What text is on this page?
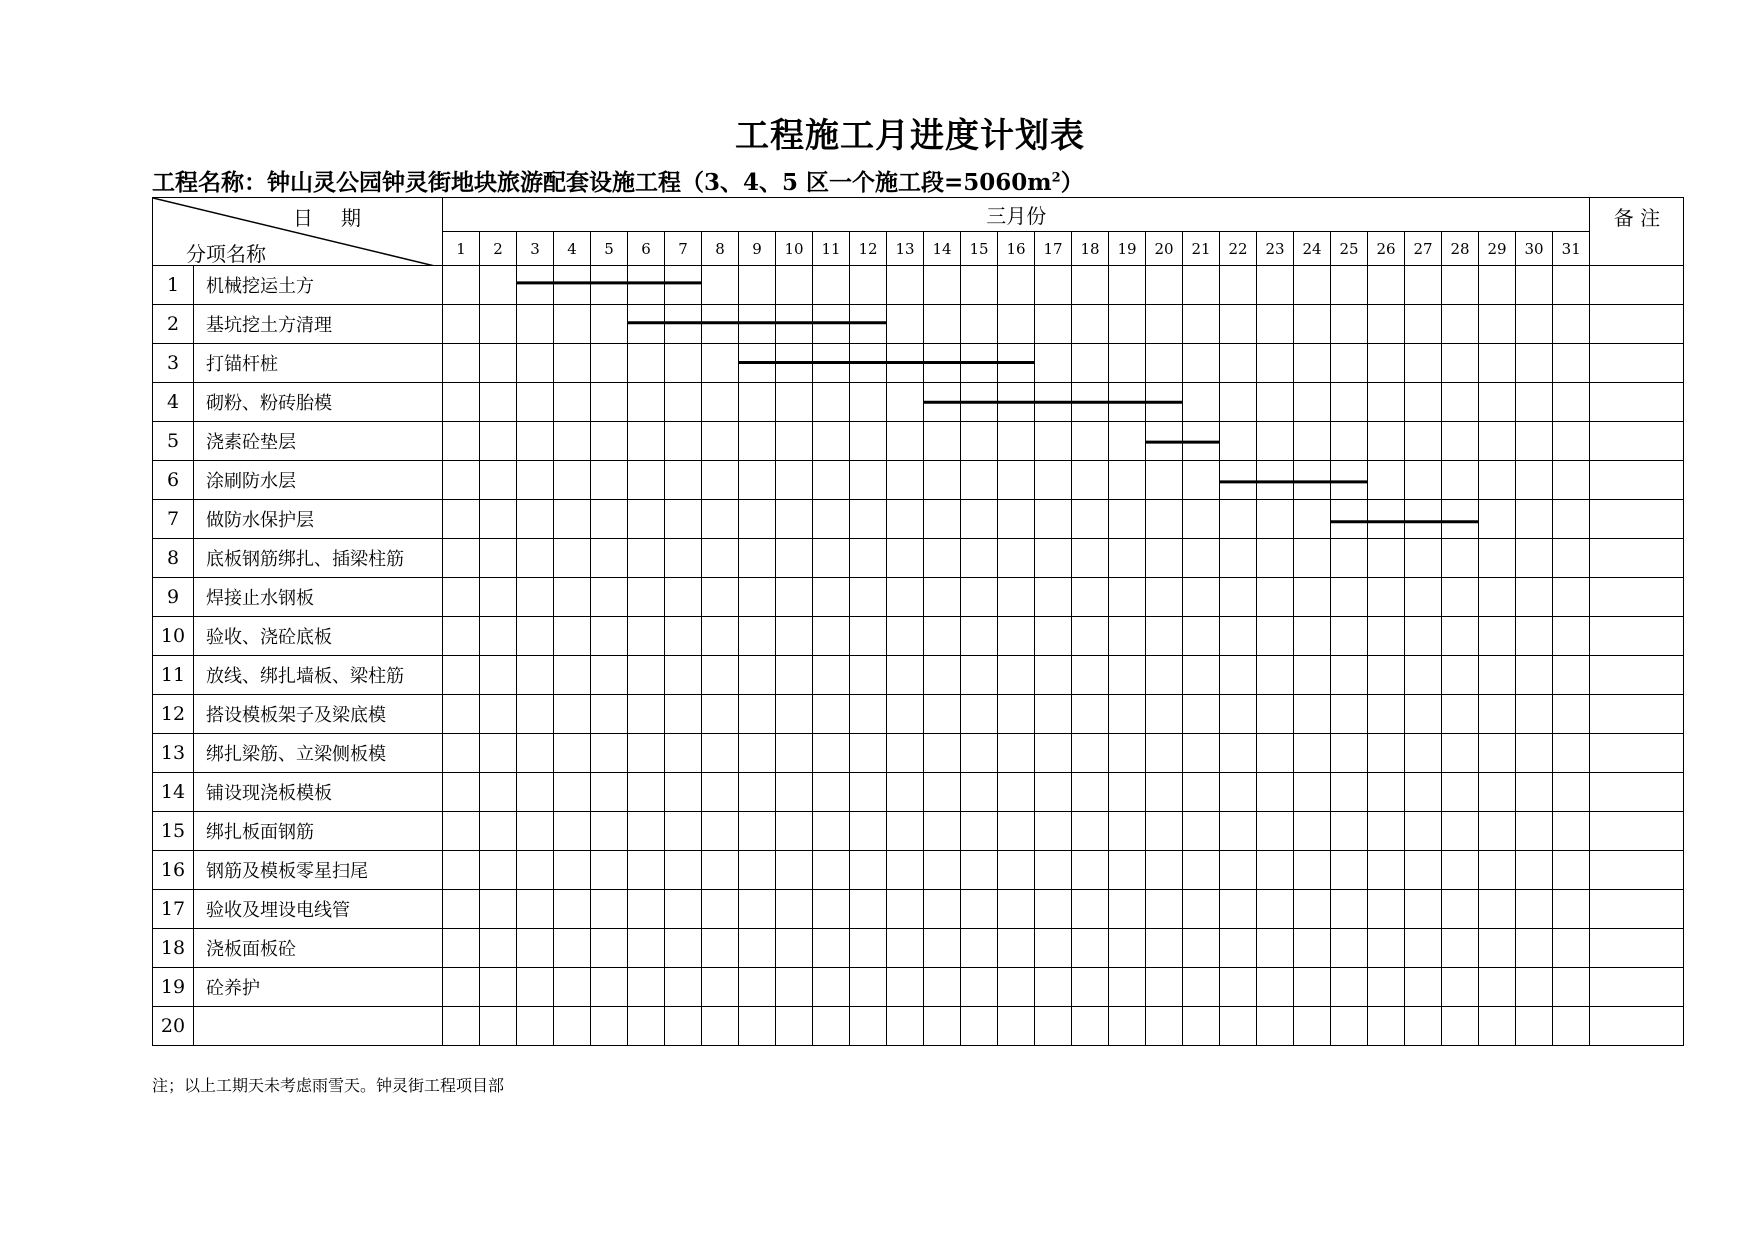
工程施工月进度计划表
工程名称：钟山灵公园钟灵街地块旅游配套设施工程（3、4、5 区一个施工段$=5060m^2$）
日期
分项名称		三月份																															备 注
		1	2	3	4	5	6	7	8	9	10	11	12	13	14	15	16	17	18	19	20	21	22	23	24	25	26	27	28	29	30	31	
1	机械挖运土方																																
2	基坑挖土方清理																																
3	打锚杆桩																																
4	砌粉、粉砖胎模																																
5	浇素砼垫层																																
6	涂刷防水层																																
7	做防水保护层																																
8	底板钢筋绑扎、插梁柱筋																																
9	焊接止水钢板																																
10	验收、浇砼底板																																
11	放线、绑扎墙板、梁柱筋																																
12	搭设模板架子及梁底模																																
13	绑扎梁筋、立梁侧板模																																
14	铺设现浇板模板																																
15	绑扎板面钢筋																																
16	钢筋及模板零星扫尾																																
17	验收及埋设电线管																																
18	浇板面板砼																																
19	砼养护																																
20																																	
注；以上工期天未考虑雨雪天。钟灵街工程项目部
